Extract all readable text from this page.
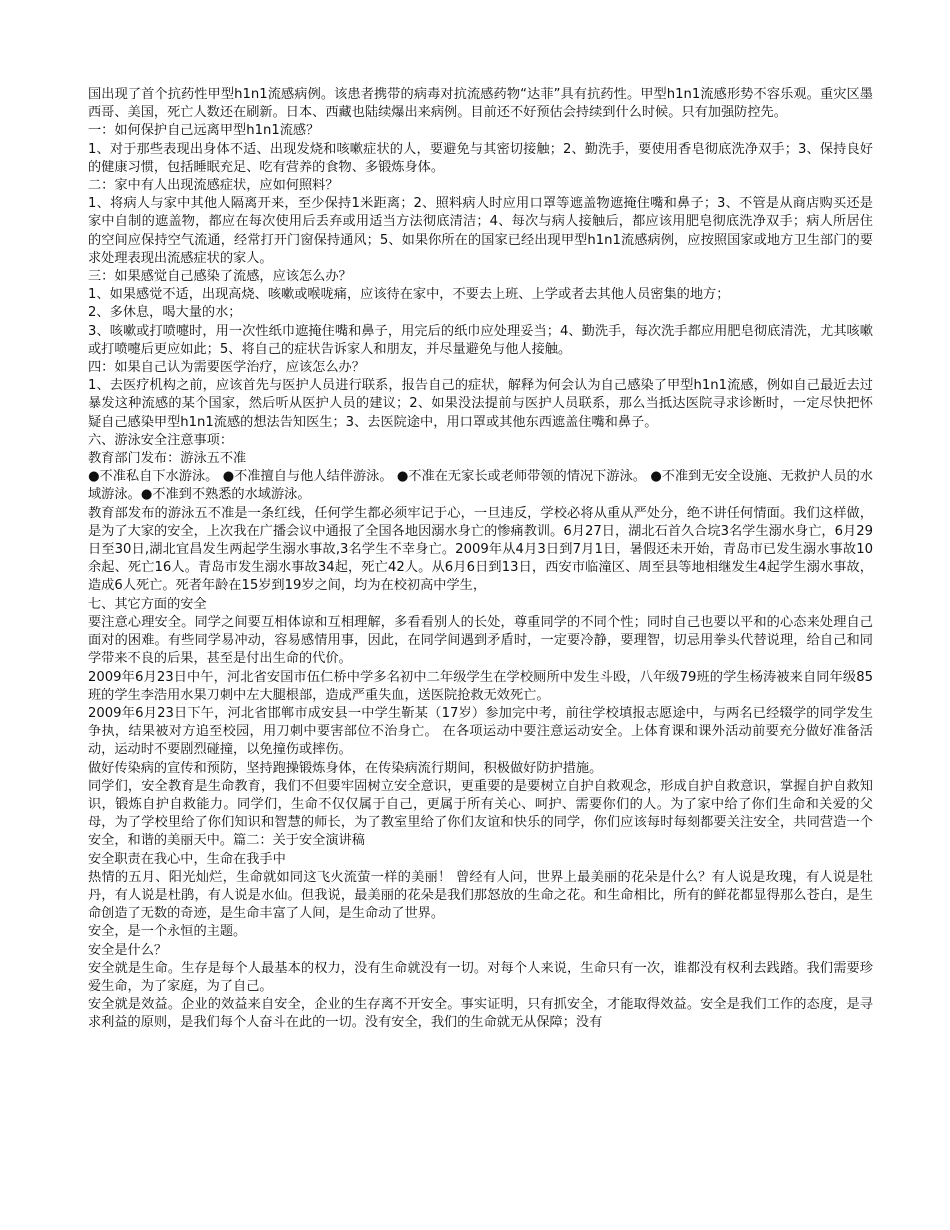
国出现了首个抗药性甲型h1n1流感病例。该患者携带的病毒对抗流感药物“达菲”具有抗药性。甲型h1n1流感形势不容乐观。重灾区墨西哥、美国，死亡人数还在刷新。日本、西藏也陆续爆出来病例。目前还不好预估会持续到什么时候。只有加强防控先。

一：如何保护自己远离甲型h1n1流感？

1、对于那些表现出身体不适、出现发烧和咳嗽症状的人，要避免与其密切接触；2、勤洗手，要使用香皂彻底洗净双手；3、保持良好的健康习惯，包括睡眠充足、吃有营养的食物、多锻炼身体。

二：家中有人出现流感症状，应如何照料？

1、将病人与家中其他人隔离开来，至少保持1米距离；2、照料病人时应用口罩等遮盖物遮掩住嘴和鼻子；3、不管是从商店购买还是家中自制的遮盖物，都应在每次使用后丢弃或用适当方法彻底清洁；4、每次与病人接触后，都应该用肥皂彻底洗净双手；病人所居住的空间应保持空气流通，经常打开门窗保持通风；5、如果你所在的国家已经出现甲型h1n1流感病例，应按照国家或地方卫生部门的要求处理表现出流感症状的家人。

三：如果感觉自己感染了流感，应该怎么办？

1、如果感觉不适，出现高烧、咳嗽或喉咙痛，应该待在家中，不要去上班、上学或者去其他人员密集的地方；

2、多休息，喝大量的水；

3、咳嗽或打喷嚏时，用一次性纸巾遮掩住嘴和鼻子，用完后的纸巾应处理妥当；4、勤洗手，每次洗手都应用肥皂彻底清洗，尤其咳嗽或打喷嚏后更应如此；5、将自己的症状告诉家人和朋友，并尽量避免与他人接触。

四：如果自己认为需要医学治疗，应该怎么办？

1、去医疗机构之前，应该首先与医护人员进行联系，报告自己的症状，解释为何会认为自己感染了甲型h1n1流感，例如自己最近去过暴发这种流感的某个国家，然后听从医护人员的建议；2、如果没法提前与医护人员联系，那么当抵达医院寻求诊断时，一定尽快把怀疑自己感染甲型h1n1流感的想法告知医生；3、去医院途中，用口罩或其他东西遮盖住嘴和鼻子。

六、游泳安全注意事项：

教育部门发布：游泳五不准

●不准私自下水游泳。 ●不准擅自与他人结伴游泳。 ●不准在无家长或老师带领的情况下游泳。 ●不准到无安全设施、无救护人员的水域游泳。●不准到不熟悉的水域游泳。

教育部发布的游泳五不准是一条红线，任何学生都必须牢记于心，一旦违反，学校必将从重从严处分，绝不讲任何情面。我们这样做，是为了大家的安全，上次我在广播会议中通报了全国各地因溺水身亡的惨痛教训。6月27日，湖北石首久合垸3名学生溺水身亡，6月29日至30日,湖北宜昌发生两起学生溺水事故,3名学生不幸身亡。2009年从4月3日到7月1日，暑假还未开始，青岛市已发生溺水事故10余起、死亡16人。青岛市发生溺水事故34起，死亡42人。从6月6日到13日，西安市临潼区、周至县等地相继发生4起学生溺水事故，造成6人死亡。死者年龄在15岁到19岁之间，均为在校初高中学生，

七、其它方面的安全

要注意心理安全。同学之间要互相体谅和互相理解，多看看别人的长处，尊重同学的不同个性；同时自己也要以平和的心态来处理自己面对的困难。有些同学易冲动，容易感情用事，因此，在同学间遇到矛盾时，一定要冷静，要理智，切忌用拳头代替说理，给自己和同学带来不良的后果，甚至是付出生命的代价。

2009年6月23日中午，河北省安国市伍仁桥中学多名初中二年级学生在学校厕所中发生斗殴，八年级79班的学生杨涛被来自同年级85班的学生李浩用水果刀刺中左大腿根部，造成严重失血，送医院抢救无效死亡。

2009年6月23日下午，河北省邯郸市成安县一中学生靳某（17岁）参加完中考，前往学校填报志愿途中，与两名已经辍学的同学发生争执，结果被对方追至校园，用刀刺中要害部位不治身亡。 在各项运动中要注意运动安全。上体育课和课外活动前要充分做好准备活动，运动时不要剧烈碰撞，以免撞伤或摔伤。

做好传染病的宣传和预防，坚持跑操锻炼身体，在传染病流行期间，积极做好防护措施。

同学们，安全教育是生命教育，我们不但要牢固树立安全意识，更重要的是要树立自护自救观念，形成自护自救意识，掌握自护自救知识，锻炼自护自救能力。同学们，生命不仅仅属于自己，更属于所有关心、呵护、需要你们的人。为了家中给了你们生命和关爱的父母，为了学校里给了你们知识和智慧的师长，为了教室里给了你们友谊和快乐的同学，你们应该每时每刻都要关注安全，共同营造一个安全，和谐的美丽天中。篇二：关于安全演讲稿

安全职责在我心中，生命在我手中

热情的五月、阳光灿烂，生命就如同这飞火流萤一样的美丽！ 曾经有人问，世界上最美丽的花朵是什么？有人说是玫瑰，有人说是牡丹，有人说是杜鹃，有人说是水仙。但我说，最美丽的花朵是我们那怒放的生命之花。和生命相比，所有的鲜花都显得那么苍白，是生命创造了无数的奇迹，是生命丰富了人间，是生命动了世界。

安全，是一个永恒的主题。

安全是什么？

安全就是生命。生存是每个人最基本的权力，没有生命就没有一切。对每个人来说，生命只有一次，谁都没有权利去践踏。我们需要珍爱生命，为了家庭，为了自己。

安全就是效益。企业的效益来自安全，企业的生存离不开安全。事实证明，只有抓安全，才能取得效益。安全是我们工作的态度，是寻求利益的原则，是我们每个人奋斗在此的一切。没有安全，我们的生命就无从保障；没有
